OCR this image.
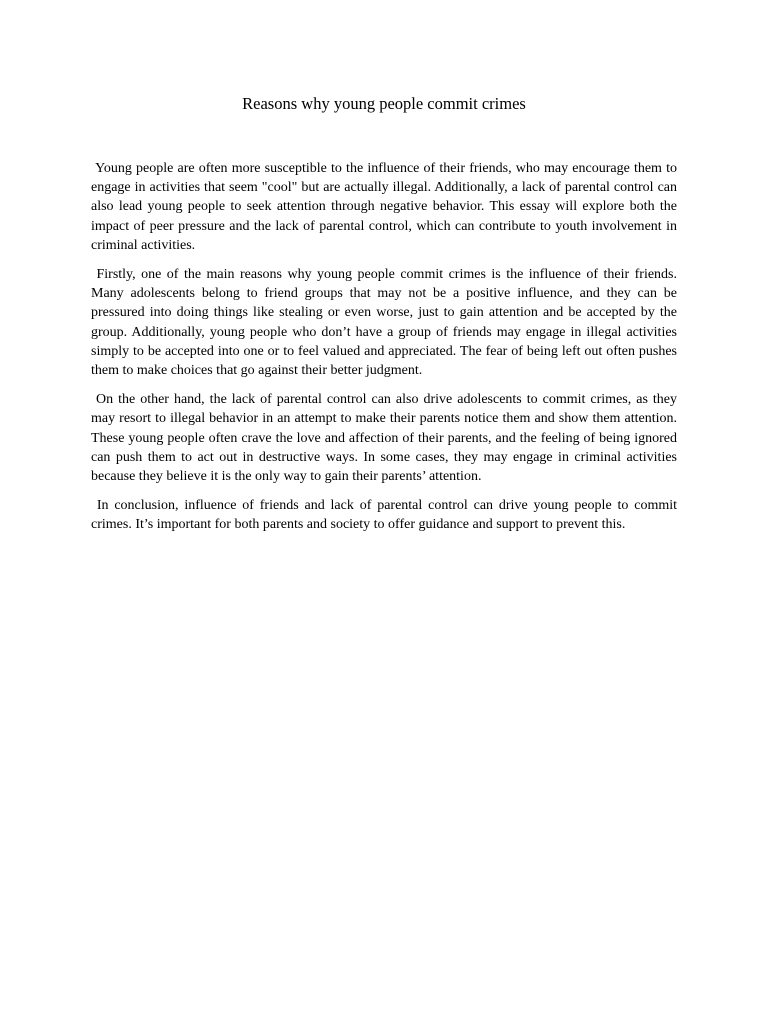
Reasons why young people commit crimes

Young people are often more susceptible to the influence of their friends, who may encourage them to engage in activities that seem "cool" but are actually illegal. Additionally, a lack of parental control can also lead young people to seek attention through negative behavior. This essay will explore both the impact of peer pressure and the lack of parental control, which can contribute to youth involvement in criminal activities.

Firstly, one of the main reasons why young people commit crimes is the influence of their friends. Many adolescents belong to friend groups that may not be a positive influence, and they can be pressured into doing things like stealing or even worse, just to gain attention and be accepted by the group. Additionally, young people who don’t have a group of friends may engage in illegal activities simply to be accepted into one or to feel valued and appreciated. The fear of being left out often pushes them to make choices that go against their better judgment.

On the other hand, the lack of parental control can also drive adolescents to commit crimes, as they may resort to illegal behavior in an attempt to make their parents notice them and show them attention. These young people often crave the love and affection of their parents, and the feeling of being ignored can push them to act out in destructive ways. In some cases, they may engage in criminal activities because they believe it is the only way to gain their parents’ attention.

In conclusion, influence of friends and lack of parental control can drive young people to commit crimes. It’s important for both parents and society to offer guidance and support to prevent this.
